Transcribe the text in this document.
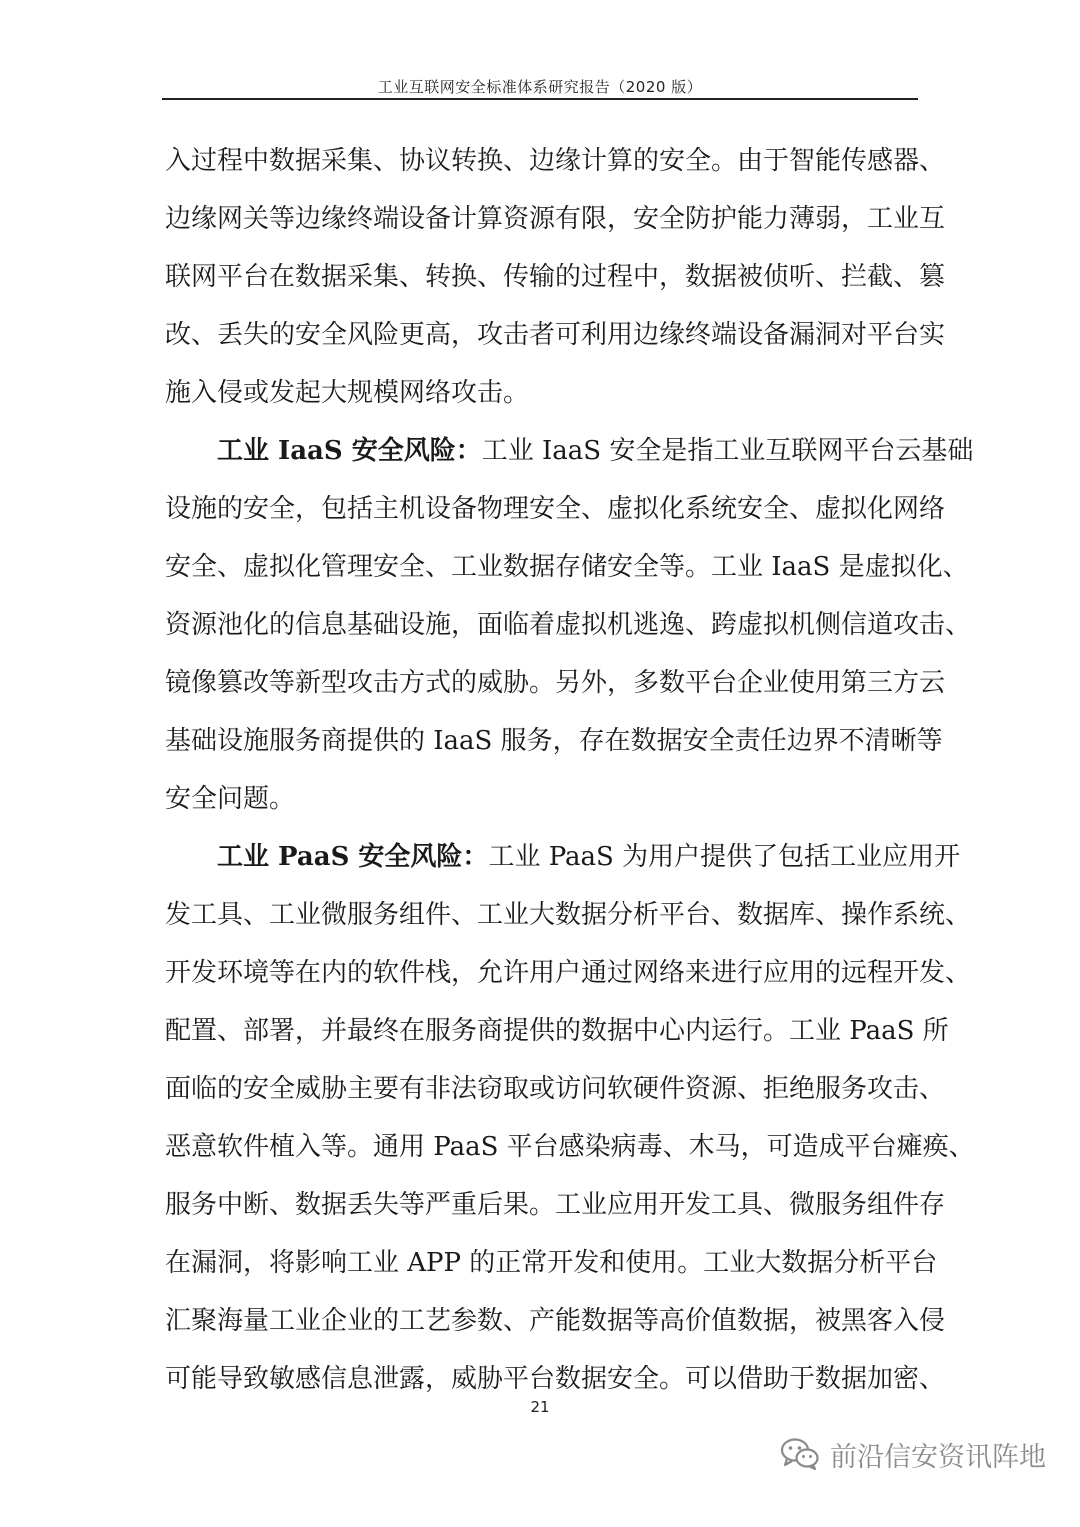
工业互联网安全标准体系研究报告（2020 版）
入过程中数据采集、协议转换、边缘计算的安全。由于智能传感器、
边缘网关等边缘终端设备计算资源有限，安全防护能力薄弱，工业互
联网平台在数据采集、转换、传输的过程中，数据被侦听、拦截、篡
改、丢失的安全风险更高，攻击者可利用边缘终端设备漏洞对平台实
施入侵或发起大规模网络攻击。
工业 IaaS 安全风险：工业 IaaS 安全是指工业互联网平台云基础
设施的安全，包括主机设备物理安全、虚拟化系统安全、虚拟化网络
安全、虚拟化管理安全、工业数据存储安全等。工业 IaaS 是虚拟化、
资源池化的信息基础设施，面临着虚拟机逃逸、跨虚拟机侧信道攻击、
镜像篡改等新型攻击方式的威胁。另外，多数平台企业使用第三方云
基础设施服务商提供的 IaaS 服务，存在数据安全责任边界不清晰等
安全问题。
工业 PaaS 安全风险：工业 PaaS 为用户提供了包括工业应用开
发工具、工业微服务组件、工业大数据分析平台、数据库、操作系统、
开发环境等在内的软件栈，允许用户通过网络来进行应用的远程开发、
配置、部署，并最终在服务商提供的数据中心内运行。工业 PaaS 所
面临的安全威胁主要有非法窃取或访问软硬件资源、拒绝服务攻击、
恶意软件植入等。通用 PaaS 平台感染病毒、木马，可造成平台瘫痪、
服务中断、数据丢失等严重后果。工业应用开发工具、微服务组件存
在漏洞，将影响工业 APP 的正常开发和使用。工业大数据分析平台
汇聚海量工业企业的工艺参数、产能数据等高价值数据，被黑客入侵
可能导致敏感信息泄露，威胁平台数据安全。可以借助于数据加密、
21
前沿信安资讯阵地
